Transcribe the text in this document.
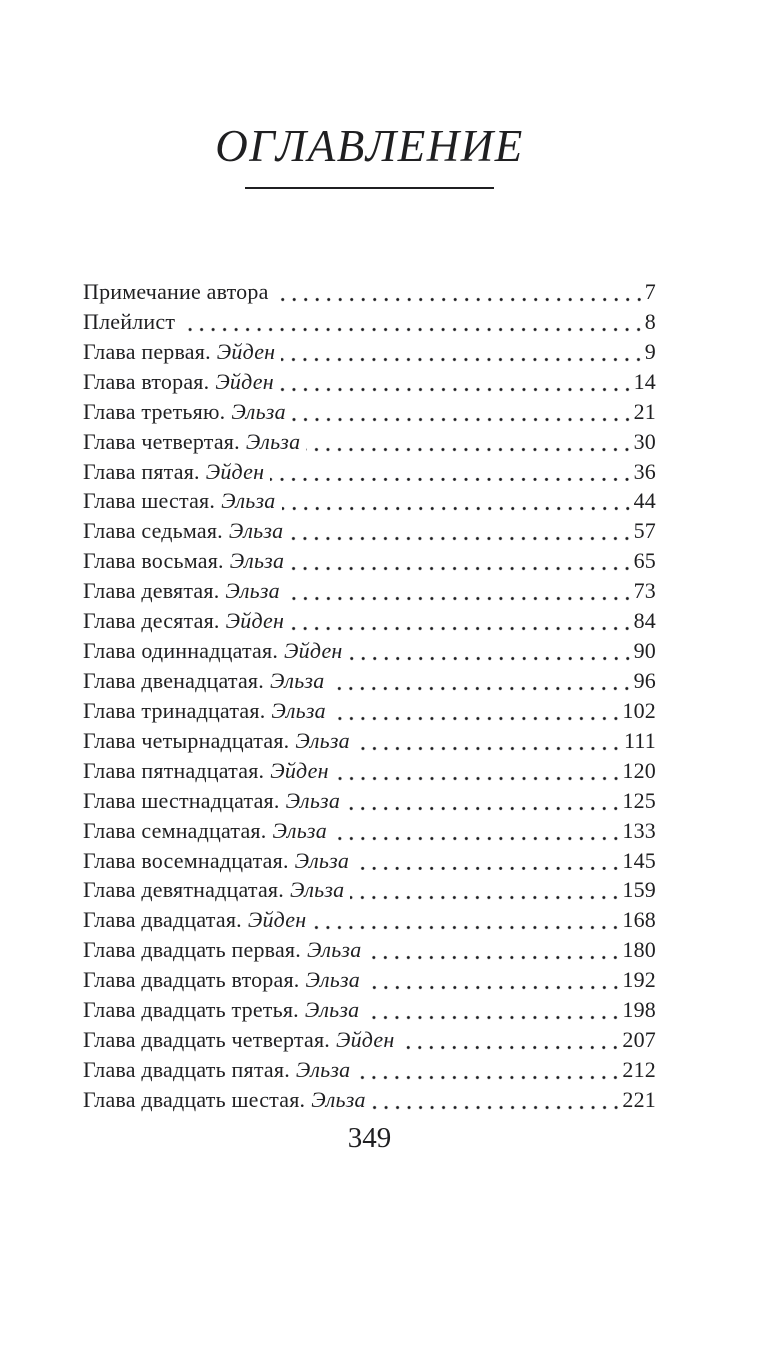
ОГЛАВЛЕНИЕ
Примечание автора	7
Плейлист	8
Глава первая. Эйден	9
Глава вторая. Эйден	14
Глава третьяю. Эльза	21
Глава четвертая. Эльза	30
Глава пятая. Эйден	36
Глава шестая. Эльза	44
Глава седьмая. Эльза	57
Глава восьмая. Эльза	65
Глава девятая. Эльза	73
Глава десятая. Эйден	84
Глава одиннадцатая. Эйден	90
Глава двенадцатая. Эльза	96
Глава тринадцатая. Эльза	102
Глава четырнадцатая. Эльза	111
Глава пятнадцатая. Эйден	120
Глава шестнадцатая. Эльза	125
Глава семнадцатая. Эльза	133
Глава восемнадцатая. Эльза	145
Глава девятнадцатая. Эльза	159
Глава двадцатая. Эйден	168
Глава двадцать первая. Эльза	180
Глава двадцать вторая. Эльза	192
Глава двадцать третья. Эльза	198
Глава двадцать четвертая. Эйден	207
Глава двадцать пятая. Эльза	212
Глава двадцать шестая. Эльза	221
349
